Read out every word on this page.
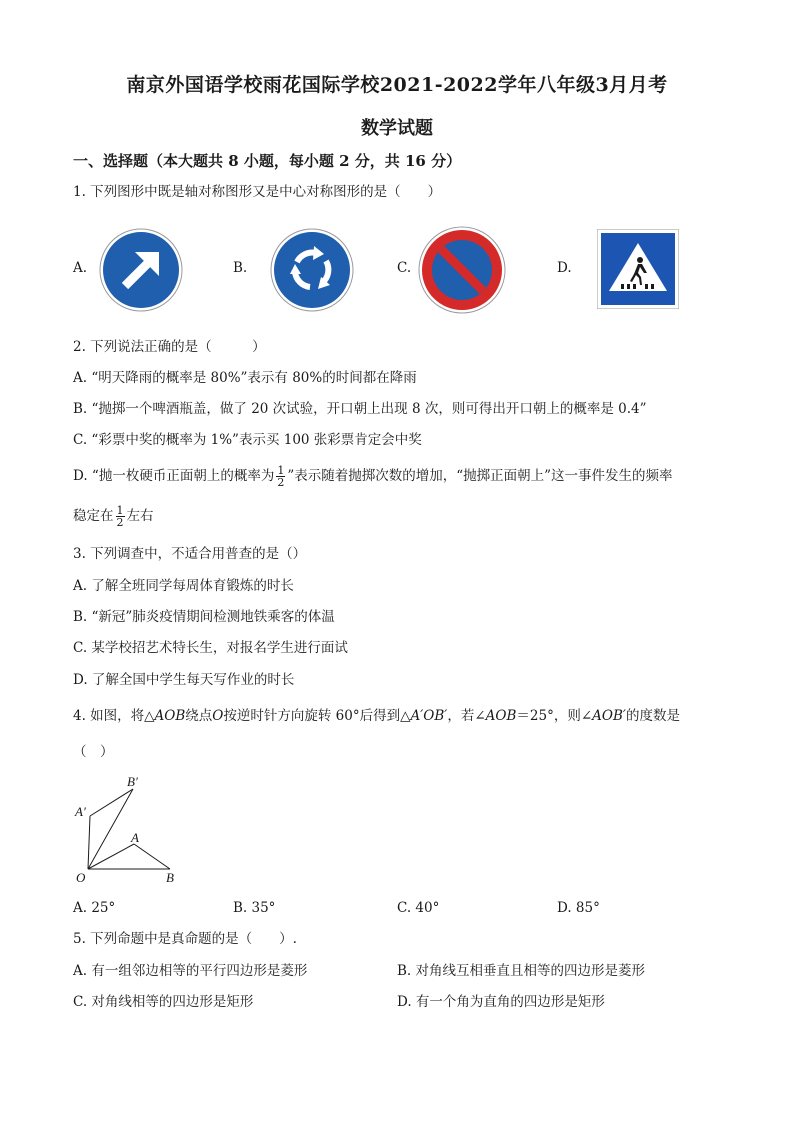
南京外国语学校雨花国际学校2021-2022学年八年级3月月考
数学试题
一、选择题（本大题共 8 小题，每小题 2 分，共 16 分）
1. 下列图形中既是轴对称图形又是中心对称图形的是（　　）
A.	B.	C.	D.
2. 下列说法正确的是（　　　）
A. “明天降雨的概率是 80%”表示有 80%的时间都在降雨
B. “抛掷一个啤酒瓶盖，做了 20 次试验，开口朝上出现 8 次，则可得出开口朝上的概率是 0.4”
C. “彩票中奖的概率为 1%”表示买 100 张彩票肯定会中奖
D. “抛一枚硬币正面朝上的概率为 $\frac{1}{2}$ ”表示随着抛掷次数的增加，“抛掷正面朝上”这一事件发生的频率
稳定在 $\frac{1}{2}$ 左右
3. 下列调查中，不适合用普查的是（）
A. 了解全班同学每周体育锻炼的时长
B. “新冠”肺炎疫情期间检测地铁乘客的体温
C. 某学校招艺术特长生，对报名学生进行面试
D. 了解全国中学生每天写作业的时长
4. 如图，将△AOB绕点O按逆时针方向旋转 60°后得到△A′OB′，若∠AOB＝25°，则∠AOB′的度数是
（　）
B′
A′
A
O	B
A. 25°	B. 35°	C. 40°	D. 85°
5. 下列命题中是真命题的是（　　）.
A. 有一组邻边相等的平行四边形是菱形	B. 对角线互相垂直且相等的四边形是菱形
C. 对角线相等的四边形是矩形	D. 有一个角为直角的四边形是矩形
